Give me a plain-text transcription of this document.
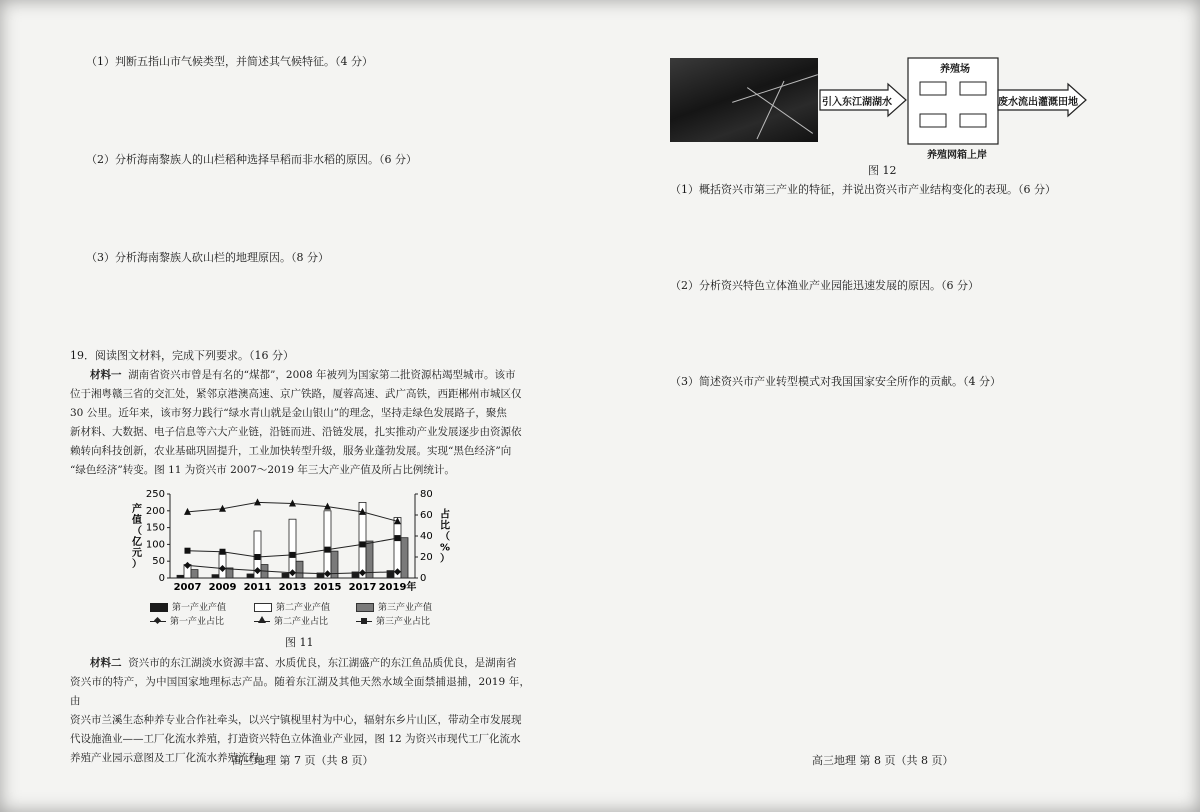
（1）判断五指山市气候类型，并简述其气候特征。（4 分）
（2）分析海南黎族人的山栏稻种选择旱稻而非水稻的原因。（6 分）
（3）分析海南黎族人砍山栏的地理原因。（8 分）
19．阅读图文材料，完成下列要求。（16 分）
材料一 湖南省资兴市曾是有名的“煤都”，2008 年被列为国家第二批资源枯竭型城市。该市
位于湘粤赣三省的交汇处，紧邻京港澳高速、京广铁路，厦蓉高速、武广高铁，西距郴州市城区仅
30 公里。近年来，该市努力践行“绿水青山就是金山银山”的理念，坚持走绿色发展路子，聚焦
新材料、大数据、电子信息等六大产业链，沿链而进、沿链发展，扎实推动产业发展逐步由资源依
赖转向科技创新，农业基础巩固提升，工业加快转型升级，服务业蓬勃发展。实现“黑色经济”向
“绿色经济”转变。图 11 为资兴市 2007～2019 年三大产业产值及所占比例统计。
0
50
100
150
200
250
0
20
40
60
80
2007 2009 2011 2013 2015 2017 2019年
产值（亿元）
占比（%）
第一产业产值	第二产业产值	第三产业产值
第一产业占比	第二产业占比	第三产业占比
图 11
材料二 资兴市的东江湖淡水资源丰富、水质优良，东江湖盛产的东江鱼品质优良，是湖南省
资兴市的特产，为中国国家地理标志产品。随着东江湖及其他天然水域全面禁捕退捕，2019 年，由
资兴市兰溪生态种养专业合作社牵头，以兴宁镇枧里村为中心，辐射东乡片山区，带动全市发展现
代设施渔业——工厂化流水养殖，打造资兴特色立体渔业产业园，图 12 为资兴市现代工厂化流水
养殖产业园示意图及工厂化流水养殖流程。
高三地理 第 7 页（共 8 页）
（1）概括资兴市第三产业的特征，并说出资兴市产业结构变化的表现。（6 分）
（2）分析资兴特色立体渔业产业园能迅速发展的原因。（6 分）
（3）简述资兴市产业转型模式对我国国家安全所作的贡献。（4 分）
高三地理 第 8 页（共 8 页）
引入东江湖湖水
养殖场
养殖网箱上岸
废水流出灌溉田地
图 12
